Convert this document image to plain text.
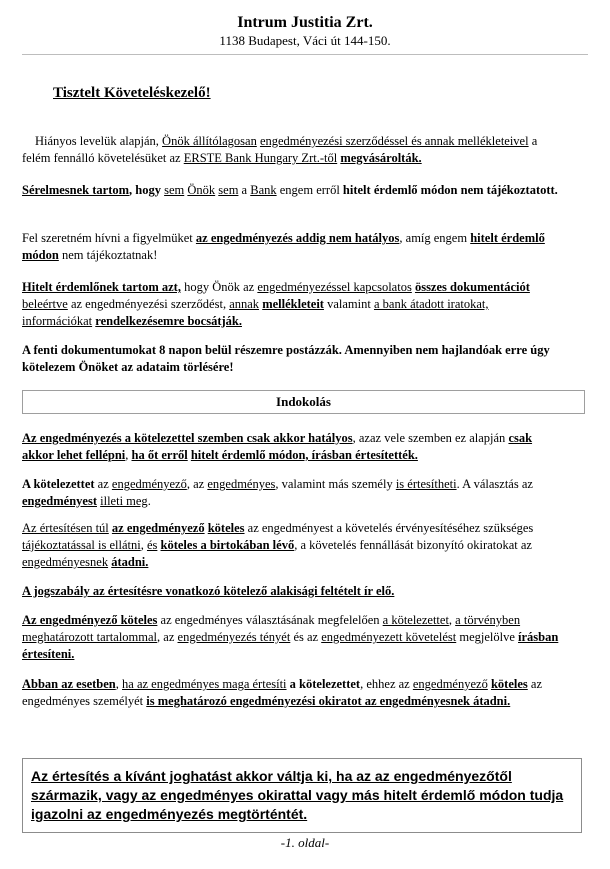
Intrum Justitia Zrt.
1138 Budapest, Váci út 144-150.
Tisztelt Követeléskezelő!
Hiányos levelük alapján, Önök állítólagosan engedményezési szerződéssel és annak mellékleteivel a felém fennálló követelésüket az ERSTE Bank Hungary Zrt.-től megvásárolták.
Sérelmesnek tartom, hogy sem Önök sem a Bank engem erről hitelt érdemlő módon nem tájékoztatott.
Fel szeretném hívni a figyelmüket az engedményezés addig nem hatályos, amíg engem hitelt érdemlő módon nem tájékoztatnak!
Hitelt érdemlőnek tartom azt, hogy Önök az engedményezéssel kapcsolatos összes dokumentációt beleértve az engedményezési szerződést, annak mellékleteit valamint a bank átadott iratokat, információkat rendelkezésemre bocsátják.
A fenti dokumentumokat 8 napon belül részemre postázzák. Amennyiben nem hajlandóak erre úgy kötelezem Önöket az adataim törlésére!
Indokolás
Az engedményezés a kötelezettel szemben csak akkor hatályos, azaz vele szemben ez alapján csak akkor lehet fellépni, ha őt erről hitelt érdemlő módon, írásban értesítették.
A kötelezettet az engedményező, az engedményes, valamint más személy is értesítheti. A választás az engedményest illeti meg.
Az értesítésen túl az engedményező köteles az engedményest a követelés érvényesítéséhez szükséges tájékoztatással is ellátni, és köteles a birtokában lévő, a követelés fennállását bizonyító okiratokat az engedményesnek átadni.
A jogszabály az értesítésre vonatkozó kötelező alakisági feltételt ír elő.
Az engedményező köteles az engedményes választásának megfelelően a kötelezettet, a törvényben meghatározott tartalommal, az engedményezés tényét és az engedményezett követelést megjelölve írásban értesíteni.
Abban az esetben, ha az engedményes maga értesíti a kötelezettet, ehhez az engedményező köteles az engedményes személyét is meghatározó engedményezési okiratot az engedményesnek átadni.
Az értesítés a kívánt joghatást akkor váltja ki, ha az az engedményezőtől származik, vagy az engedményes okirattal vagy más hitelt érdemlő módon tudja igazolni az engedményezés megtörténtét.
-1. oldal-
